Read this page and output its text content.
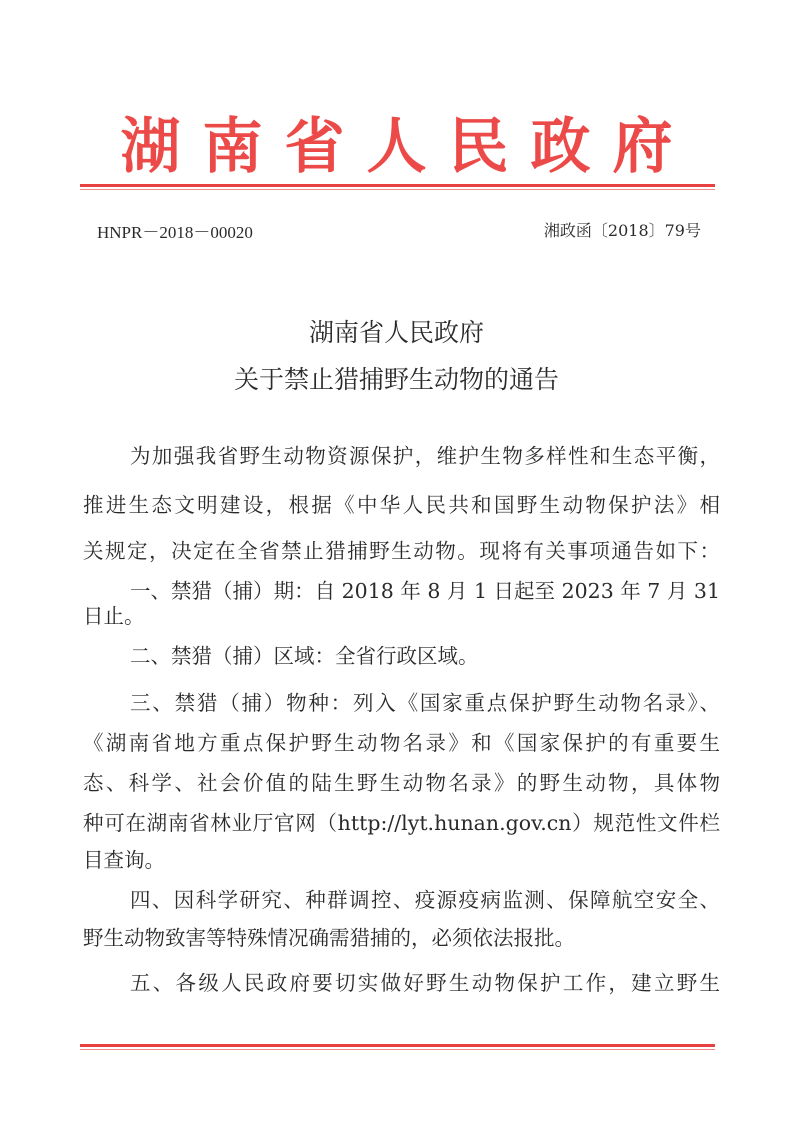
湖南省人民政府
HNPR－2018－00020	湘政函〔2018〕79号
湖南省人民政府
关于禁止猎捕野生动物的通告
为加强我省野生动物资源保护，维护生物多样性和生态平衡，
推进生态文明建设，根据《中华人民共和国野生动物保护法》相
关规定，决定在全省禁止猎捕野生动物。现将有关事项通告如下：
一、禁猎（捕）期：自 2018 年 8 月 1 日起至 2023 年 7 月 31
日止。
二、禁猎（捕）区域：全省行政区域。
三、禁猎（捕）物种：列入《国家重点保护野生动物名录》、
《湖南省地方重点保护野生动物名录》和《国家保护的有重要生
态、科学、社会价值的陆生野生动物名录》的野生动物，具体物
种可在湖南省林业厅官网（http://lyt.hunan.gov.cn）规范性文件栏
目查询。
四、因科学研究、种群调控、疫源疫病监测、保障航空安全、
野生动物致害等特殊情况确需猎捕的，必须依法报批。
五、各级人民政府要切实做好野生动物保护工作，建立野生
